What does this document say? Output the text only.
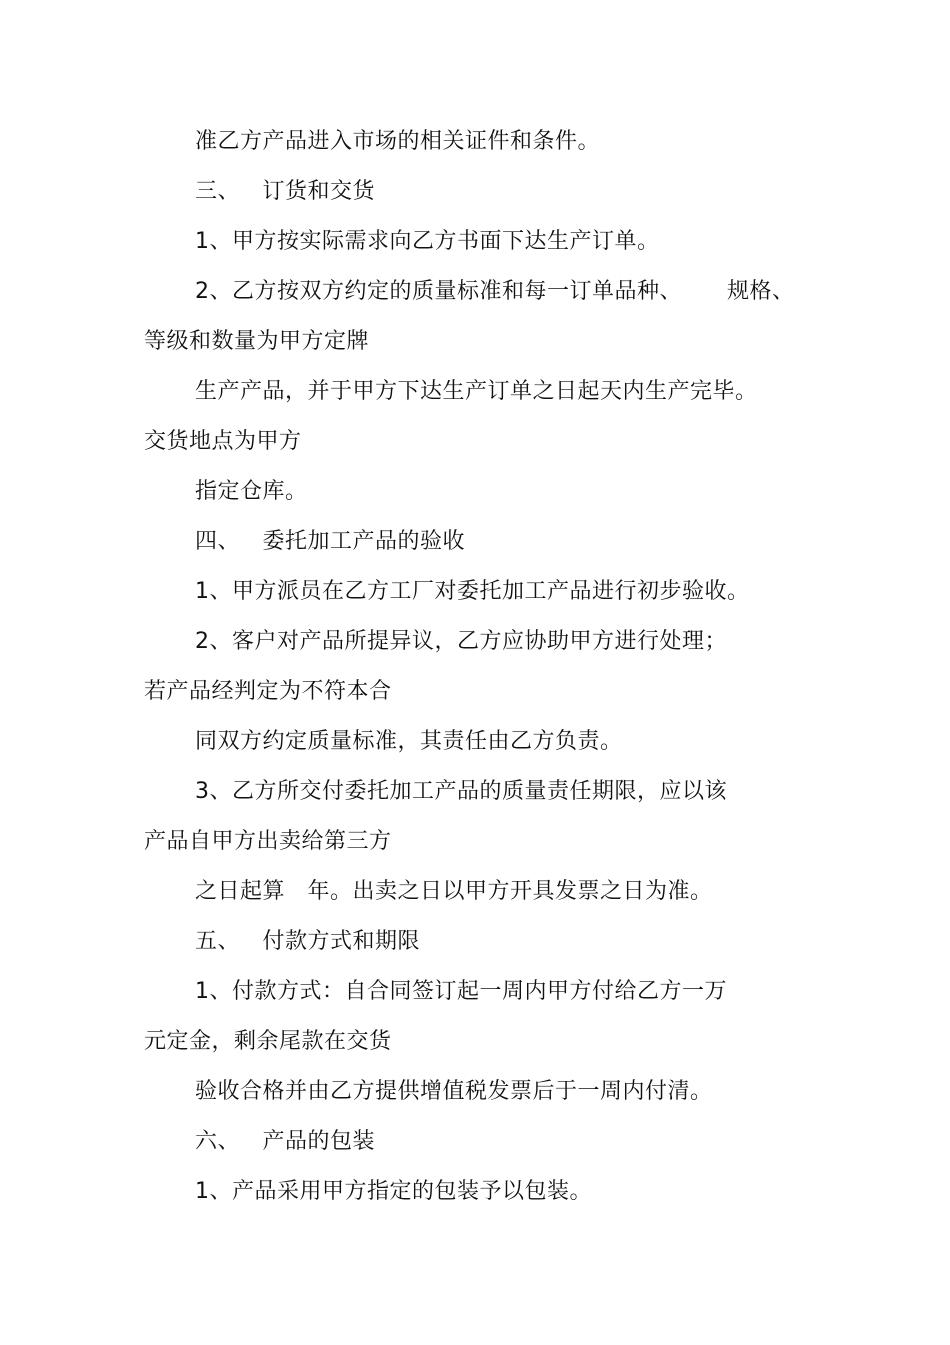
准乙方产品进入市场的相关证件和条件。
三、   订货和交货
1、甲方按实际需求向乙方书面下达生产订单。
2、乙方按双方约定的质量标准和每一订单品种、      规格、
等级和数量为甲方定牌
生产产品，并于甲方下达生产订单之日起天内生产完毕。
交货地点为甲方
指定仓库。
四、   委托加工产品的验收
1、甲方派员在乙方工厂对委托加工产品进行初步验收。
2、客户对产品所提异议，乙方应协助甲方进行处理；
若产品经判定为不符本合
同双方约定质量标准，其责任由乙方负责。
3、乙方所交付委托加工产品的质量责任期限，应以该
产品自甲方出卖给第三方
之日起算   年。出卖之日以甲方开具发票之日为准。
五、   付款方式和期限
1、付款方式：自合同签订起一周内甲方付给乙方一万
元定金，剩余尾款在交货
验收合格并由乙方提供增值税发票后于一周内付清。
六、   产品的包装
1、产品采用甲方指定的包装予以包装。
